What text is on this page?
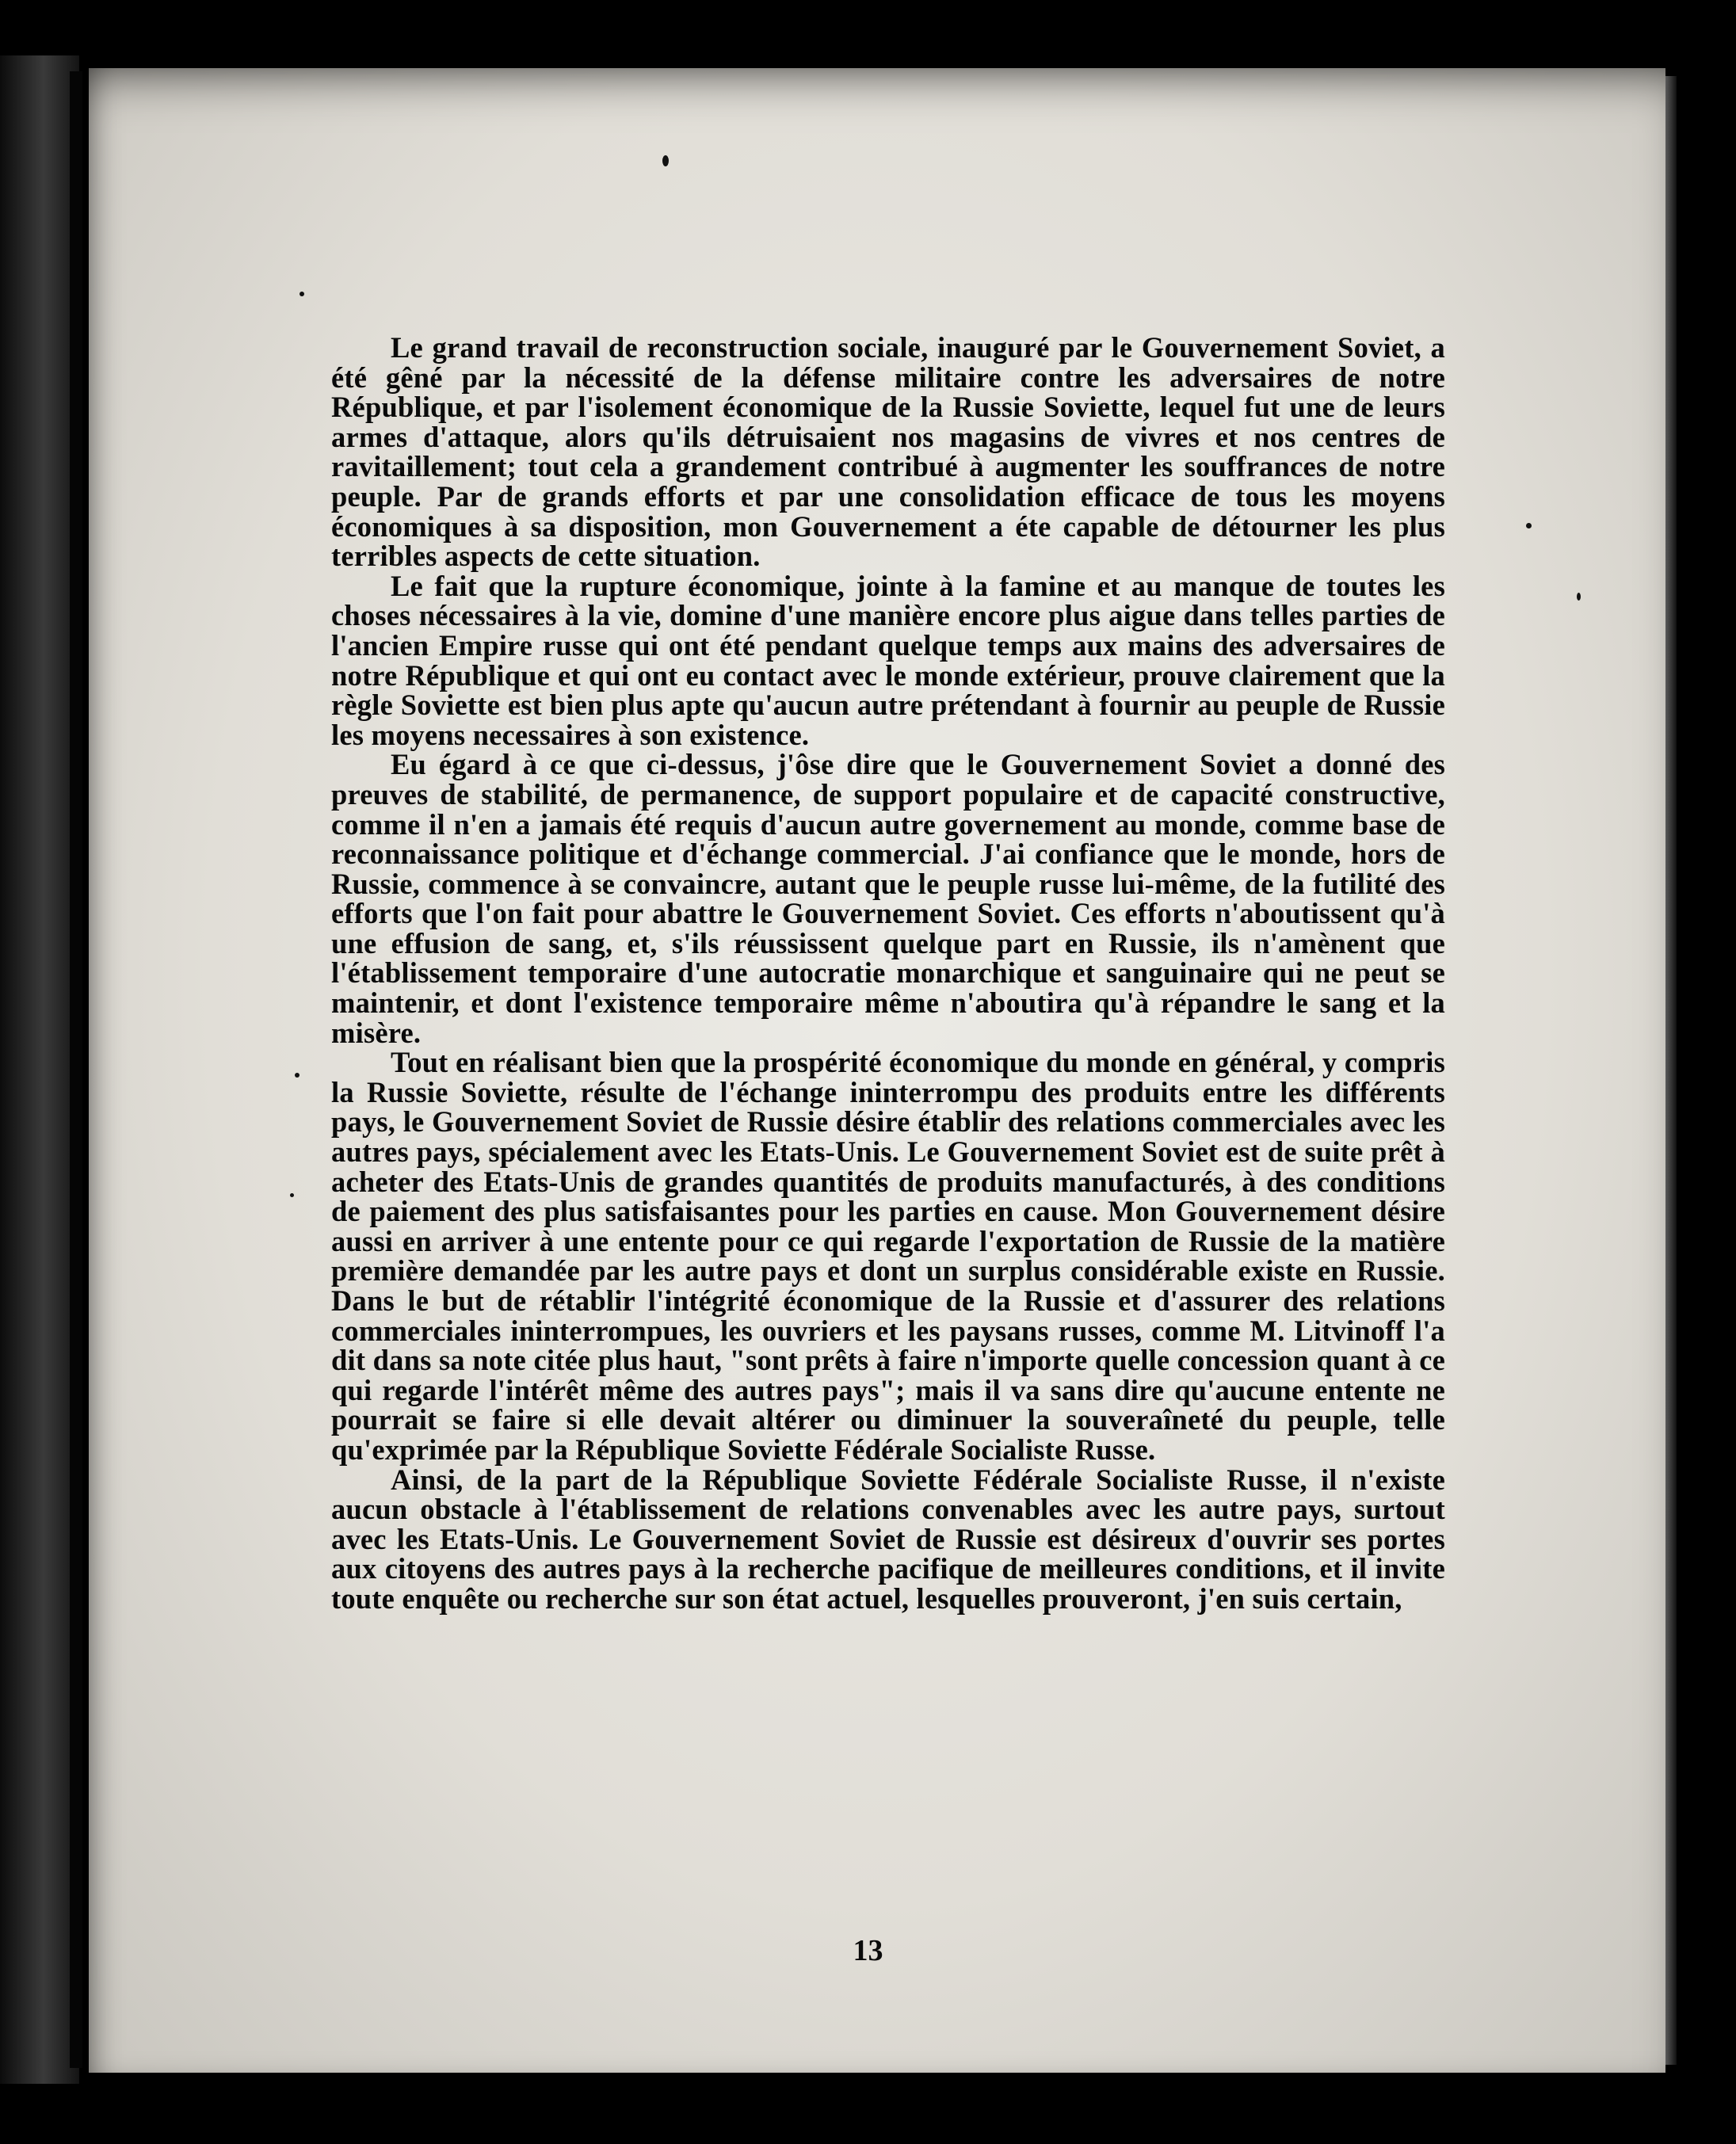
Le grand travail de reconstruction sociale, inauguré par le Gouvernement Soviet, a été gêné par la nécessité de la défense militaire contre les adversaires de notre République, et par l'isolement économique de la Russie Soviette, lequel fut une de leurs armes d'attaque, alors qu'ils détruisaient nos magasins de vivres et nos centres de ravitaillement; tout cela a grandement contribué à augmenter les souffrances de notre peuple. Par de grands efforts et par une consolidation efficace de tous les moyens économiques à sa disposition, mon Gouvernement a éte capable de détourner les plus terribles aspects de cette situation.

Le fait que la rupture économique, jointe à la famine et au manque de toutes les choses nécessaires à la vie, domine d'une manière encore plus aigue dans telles parties de l'ancien Empire russe qui ont été pendant quelque temps aux mains des adversaires de notre République et qui ont eu contact avec le monde extérieur, prouve clairement que la règle Soviette est bien plus apte qu'aucun autre prétendant à fournir au peuple de Russie les moyens necessaires à son existence.

Eu égard à ce que ci-dessus, j'ôse dire que le Gouvernement Soviet a donné des preuves de stabilité, de permanence, de support populaire et de capacité constructive, comme il n'en a jamais été requis d'aucun autre governement au monde, comme base de reconnaissance politique et d'échange commercial. J'ai confiance que le monde, hors de Russie, commence à se convaincre, autant que le peuple russe lui-même, de la futilité des efforts que l'on fait pour abattre le Gouvernement Soviet. Ces efforts n'aboutissent qu'à une effusion de sang, et, s'ils réussissent quelque part en Russie, ils n'amènent que l'établissement temporaire d'une autocratie monarchique et sanguinaire qui ne peut se maintenir, et dont l'existence temporaire même n'aboutira qu'à répandre le sang et la misère.

Tout en réalisant bien que la prospérité économique du monde en général, y compris la Russie Soviette, résulte de l'échange ininterrompu des produits entre les différents pays, le Gouvernement Soviet de Russie désire établir des relations commerciales avec les autres pays, spécialement avec les Etats-Unis. Le Gouvernement Soviet est de suite prêt à acheter des Etats-Unis de grandes quantités de produits manufacturés, à des conditions de paiement des plus satisfaisantes pour les parties en cause. Mon Gouvernement désire aussi en arriver à une entente pour ce qui regarde l'exportation de Russie de la matière première demandée par les autre pays et dont un surplus considérable existe en Russie. Dans le but de rétablir l'intégrité économique de la Russie et d'assurer des relations commerciales ininterrompues, les ouvriers et les paysans russes, comme M. Litvinoff l'a dit dans sa note citée plus haut, "sont prêts à faire n'importe quelle concession quant à ce qui regarde l'intérêt même des autres pays"; mais il va sans dire qu'aucune entente ne pourrait se faire si elle devait altérer ou diminuer la souveraîneté du peuple, telle qu'exprimée par la République Soviette Fédérale Socialiste Russe.

Ainsi, de la part de la République Soviette Fédérale Socialiste Russe, il n'existe aucun obstacle à l'établissement de relations convenables avec les autre pays, surtout avec les Etats-Unis. Le Gouvernement Soviet de Russie est désireux d'ouvrir ses portes aux citoyens des autres pays à la recherche pacifique de meilleures conditions, et il invite toute enquête ou recherche sur son état actuel, lesquelles prouveront, j'en suis certain,

13
